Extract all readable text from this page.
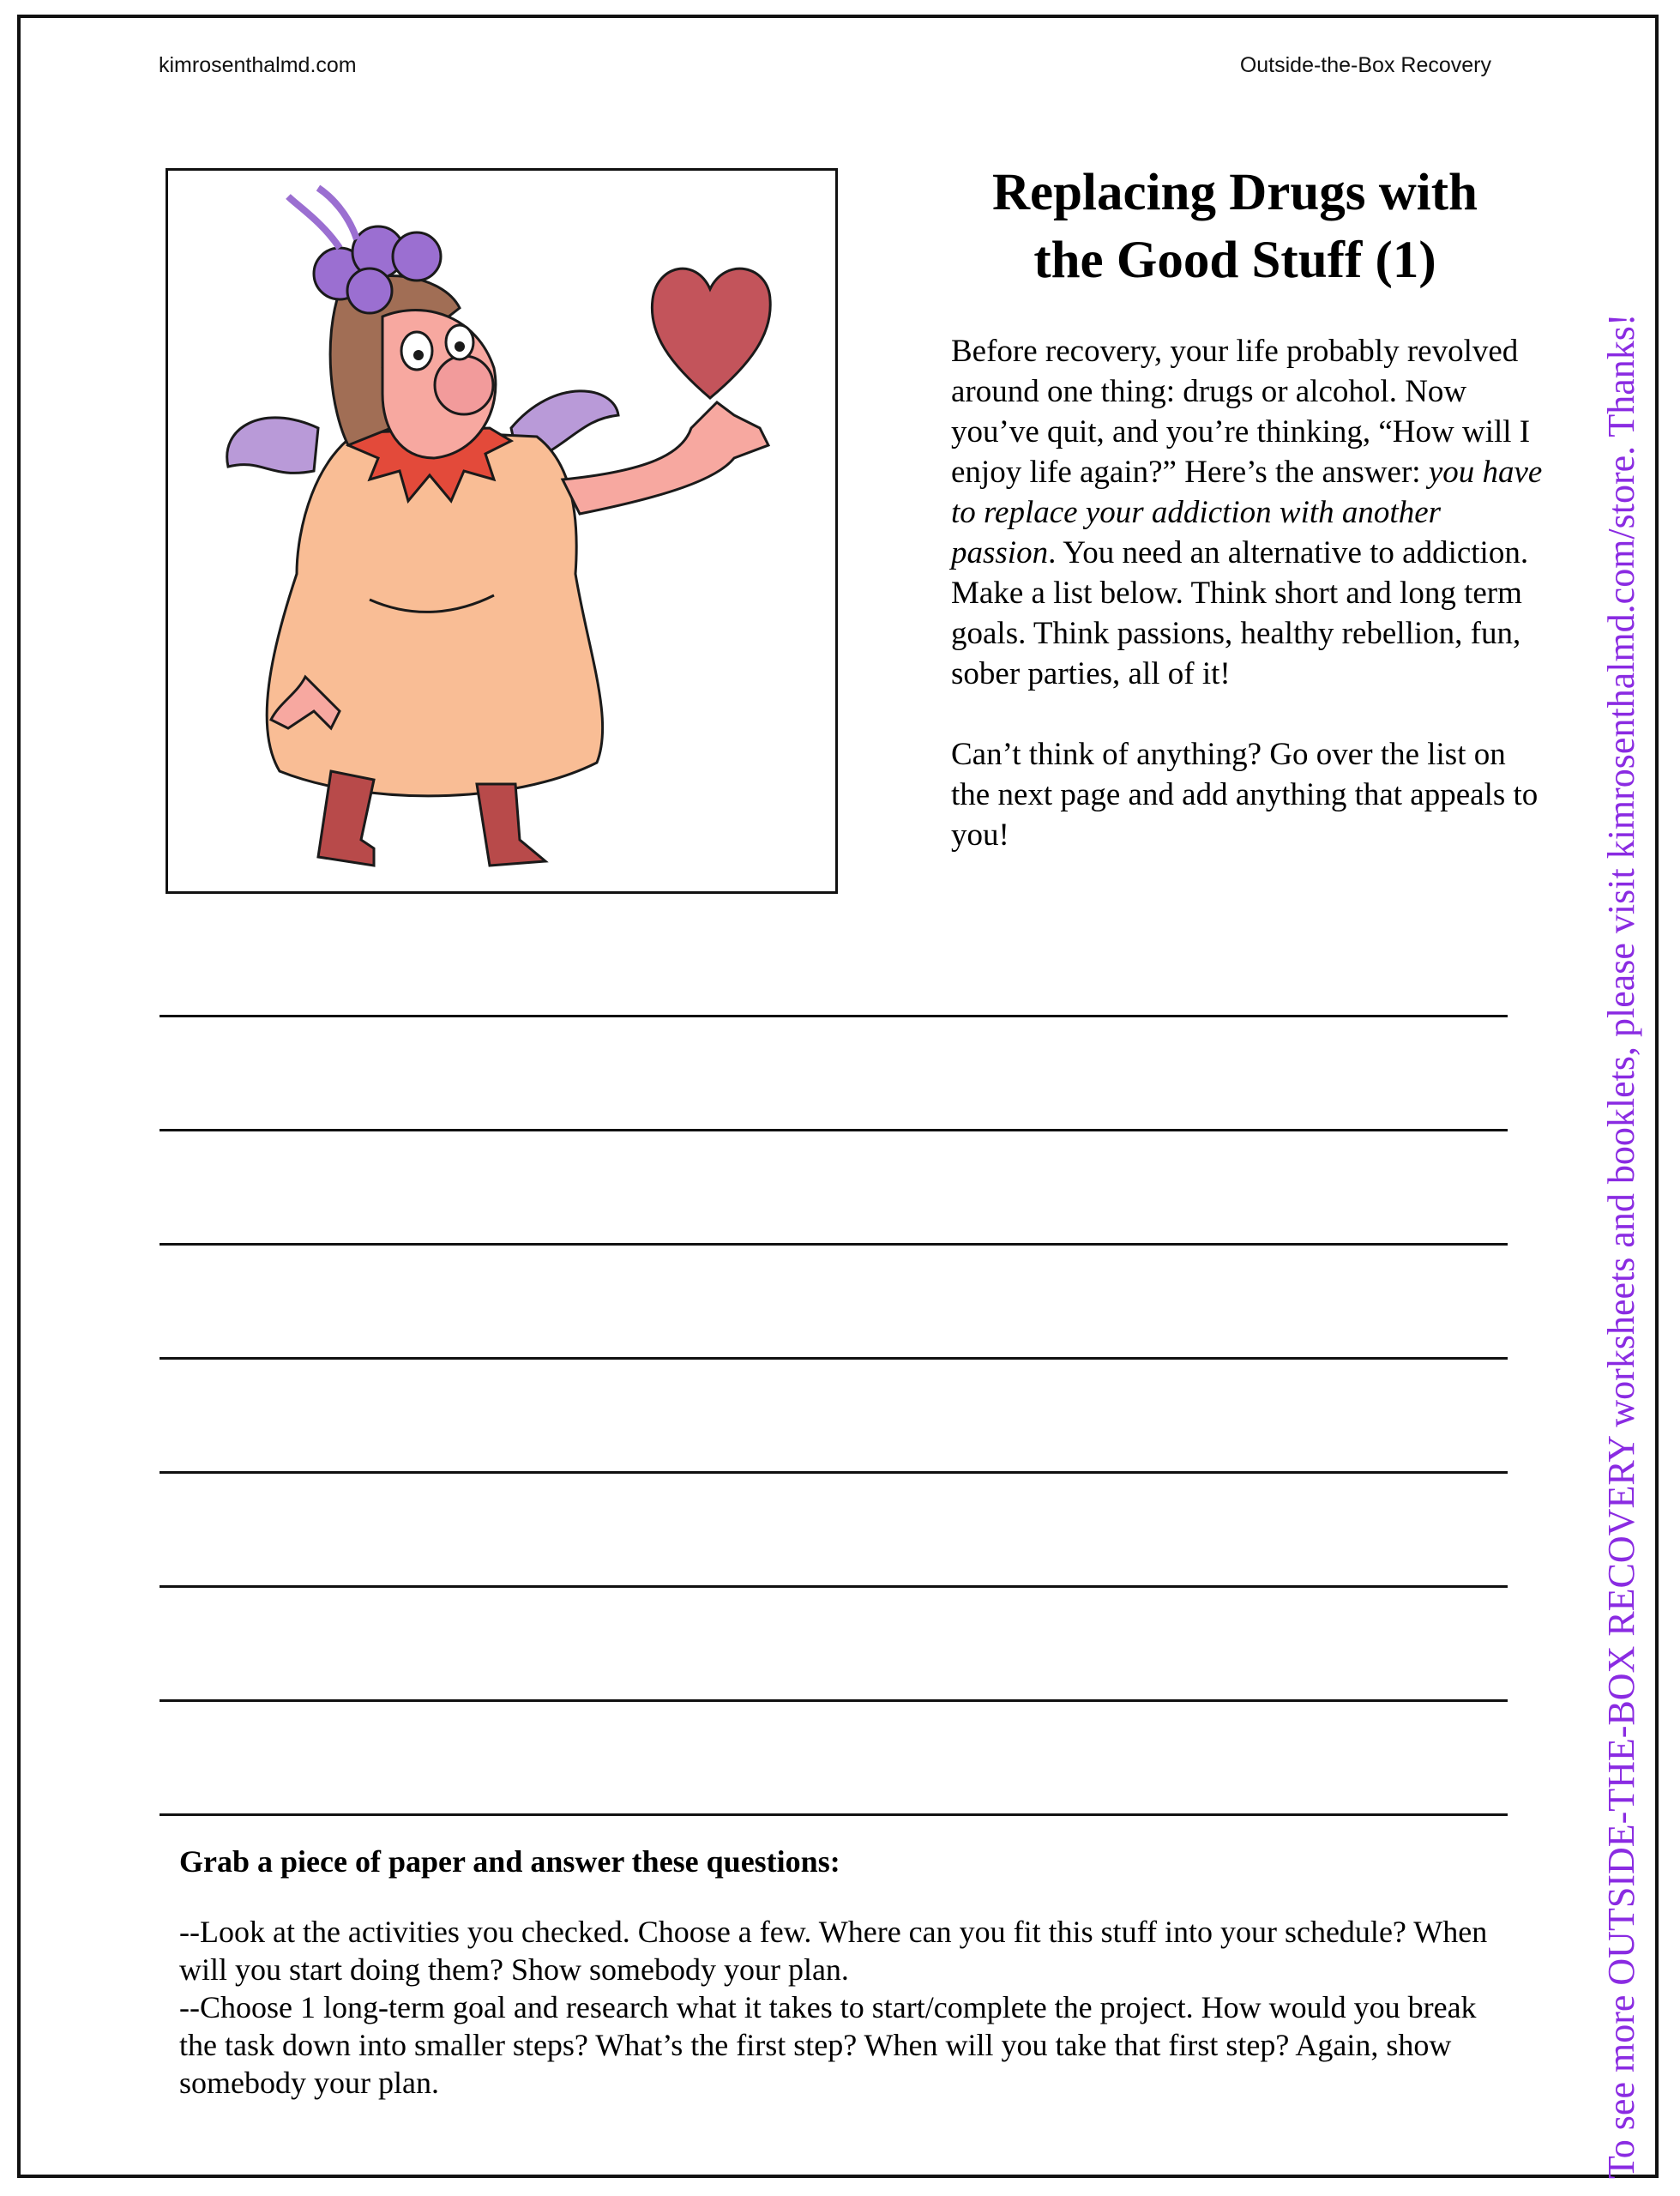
kimrosenthalmd.com	Outside-the-Box Recovery
Replacing Drugs with
the Good Stuff (1)

Before recovery, your life probably revolved around one thing: drugs or alcohol. Now you’ve quit, and you’re thinking, “How will I enjoy life again?” Here’s the answer: you have to replace your addiction with another passion. You need an alternative to addiction. Make a list below. Think short and long term goals. Think passions, healthy rebellion, fun, sober parties, all of it!

Can’t think of anything? Go over the list on the next page and add anything that appeals to you!

Grab a piece of paper and answer these questions:

--Look at the activities you checked. Choose a few. Where can you fit this stuff into your schedule? When will you start doing them? Show somebody your plan.

--Choose 1 long-term goal and research what it takes to start/complete the project. How would you break the task down into smaller steps? What’s the first step? When will you take that first step? Again, show somebody your plan.	To see more OUTSIDE-THE-BOX RECOVERY worksheets and booklets, please visit kimrosenthalmd.com/store. Thanks!
